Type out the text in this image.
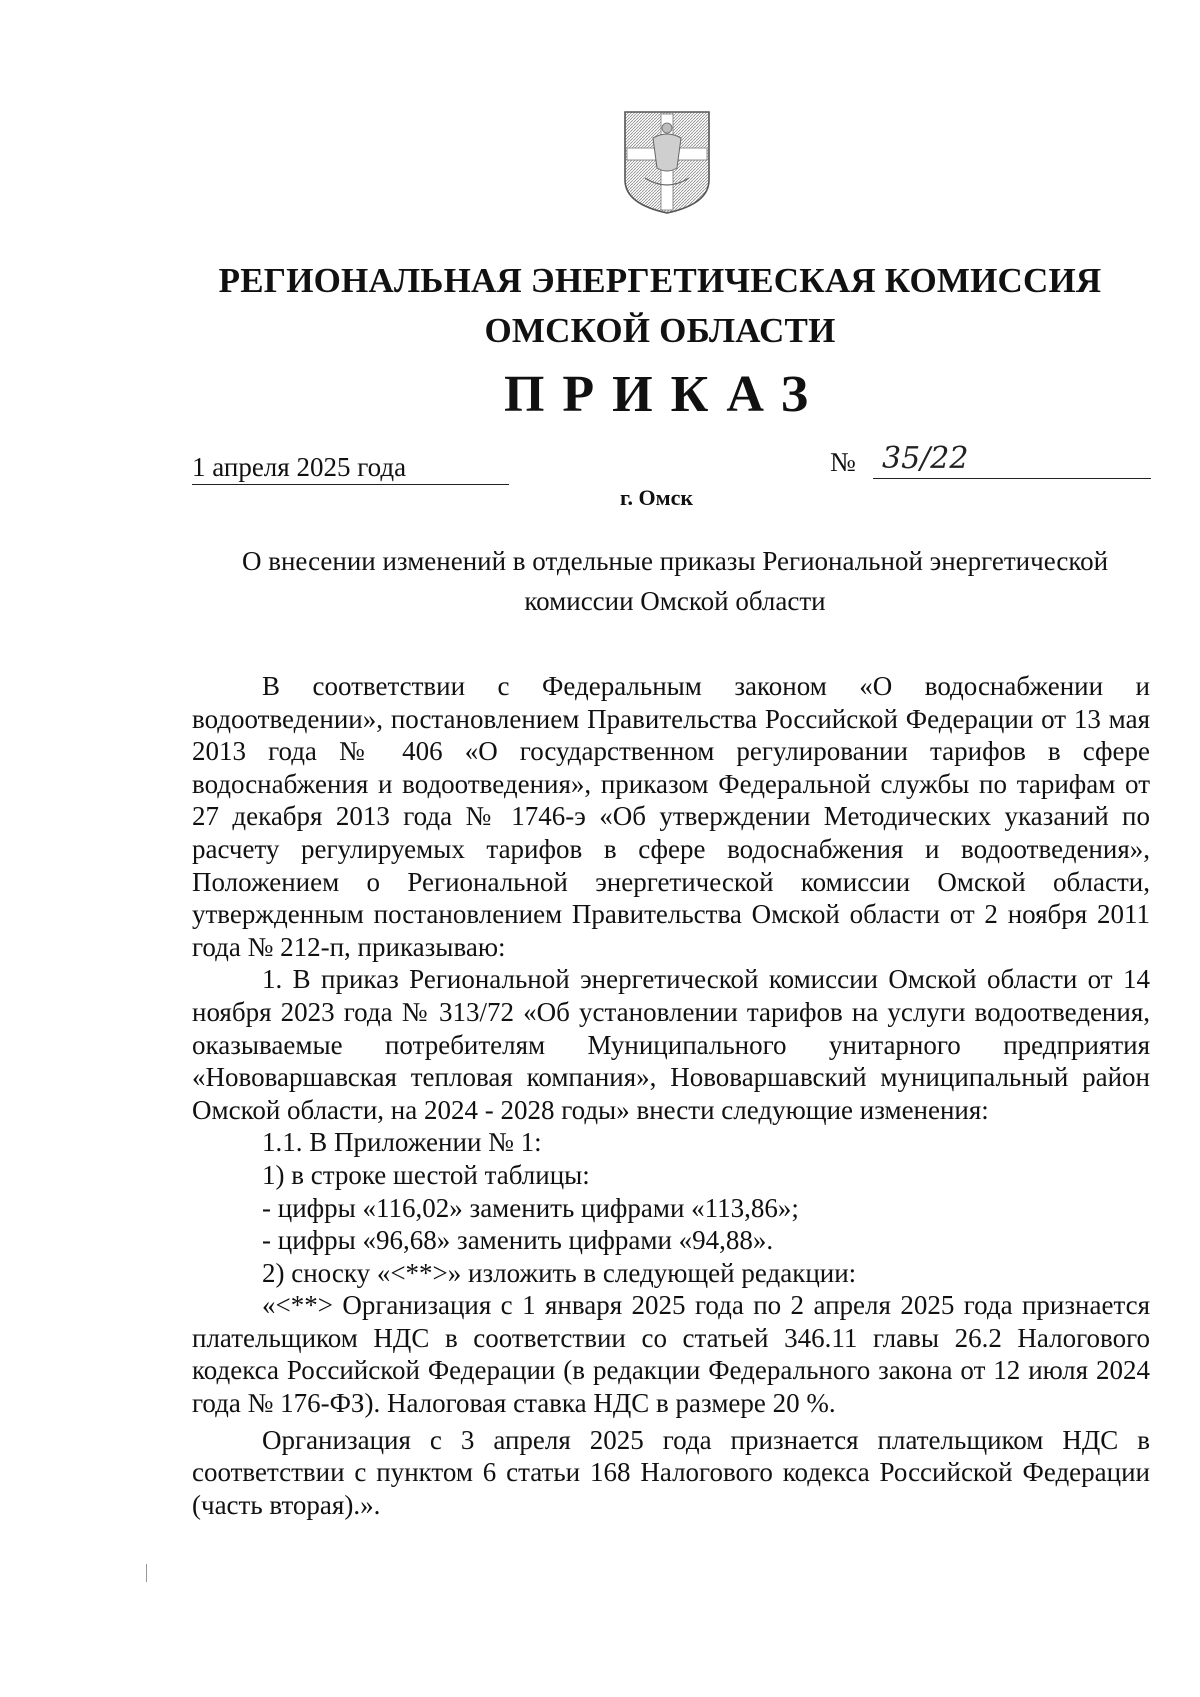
РЕГИОНАЛЬНАЯ ЭНЕРГЕТИЧЕСКАЯ КОМИССИЯ
ОМСКОЙ ОБЛАСТИ
ПРИКАЗ
1 апреля 2025 года	№ 35/22
г. Омск
О внесении изменений в отдельные приказы Региональной энергетической
комиссии Омской области

В соответствии с Федеральным законом «О водоснабжении и водоотведении», постановлением Правительства Российской Федерации от 13 мая 2013 года № 406 «О государственном регулировании тарифов в сфере водоснабжения и водоотведения», приказом Федеральной службы по тарифам от 27 декабря 2013 года № 1746-э «Об утверждении Методических указаний по расчету регулируемых тарифов в сфере водоснабжения и водоотведения», Положением о Региональной энергетической комиссии Омской области, утвержденным постановлением Правительства Омской области от 2 ноября 2011 года № 212-п, приказываю:

1. В приказ Региональной энергетической комиссии Омской области от 14 ноября 2023 года № 313/72 «Об установлении тарифов на услуги водоотведения, оказываемые потребителям Муниципального унитарного предприятия «Нововаршавская тепловая компания», Нововаршавский муниципальный район Омской области, на 2024 - 2028 годы» внести следующие изменения:

1.1. В Приложении № 1:

1) в строке шестой таблицы:

- цифры «116,02» заменить цифрами «113,86»;

- цифры «96,68» заменить цифрами «94,88».

2) сноску «<**>» изложить в следующей редакции:

«<**> Организация с 1 января 2025 года по 2 апреля 2025 года признается плательщиком НДС в соответствии со статьей 346.11 главы 26.2 Налогового кодекса Российской Федерации (в редакции Федерального закона от 12 июля 2024 года № 176-ФЗ). Налоговая ставка НДС в размере 20 %.

Организация с 3 апреля 2025 года признается плательщиком НДС в соответствии с пунктом 6 статьи 168 Налогового кодекса Российской Федерации (часть вторая).».
